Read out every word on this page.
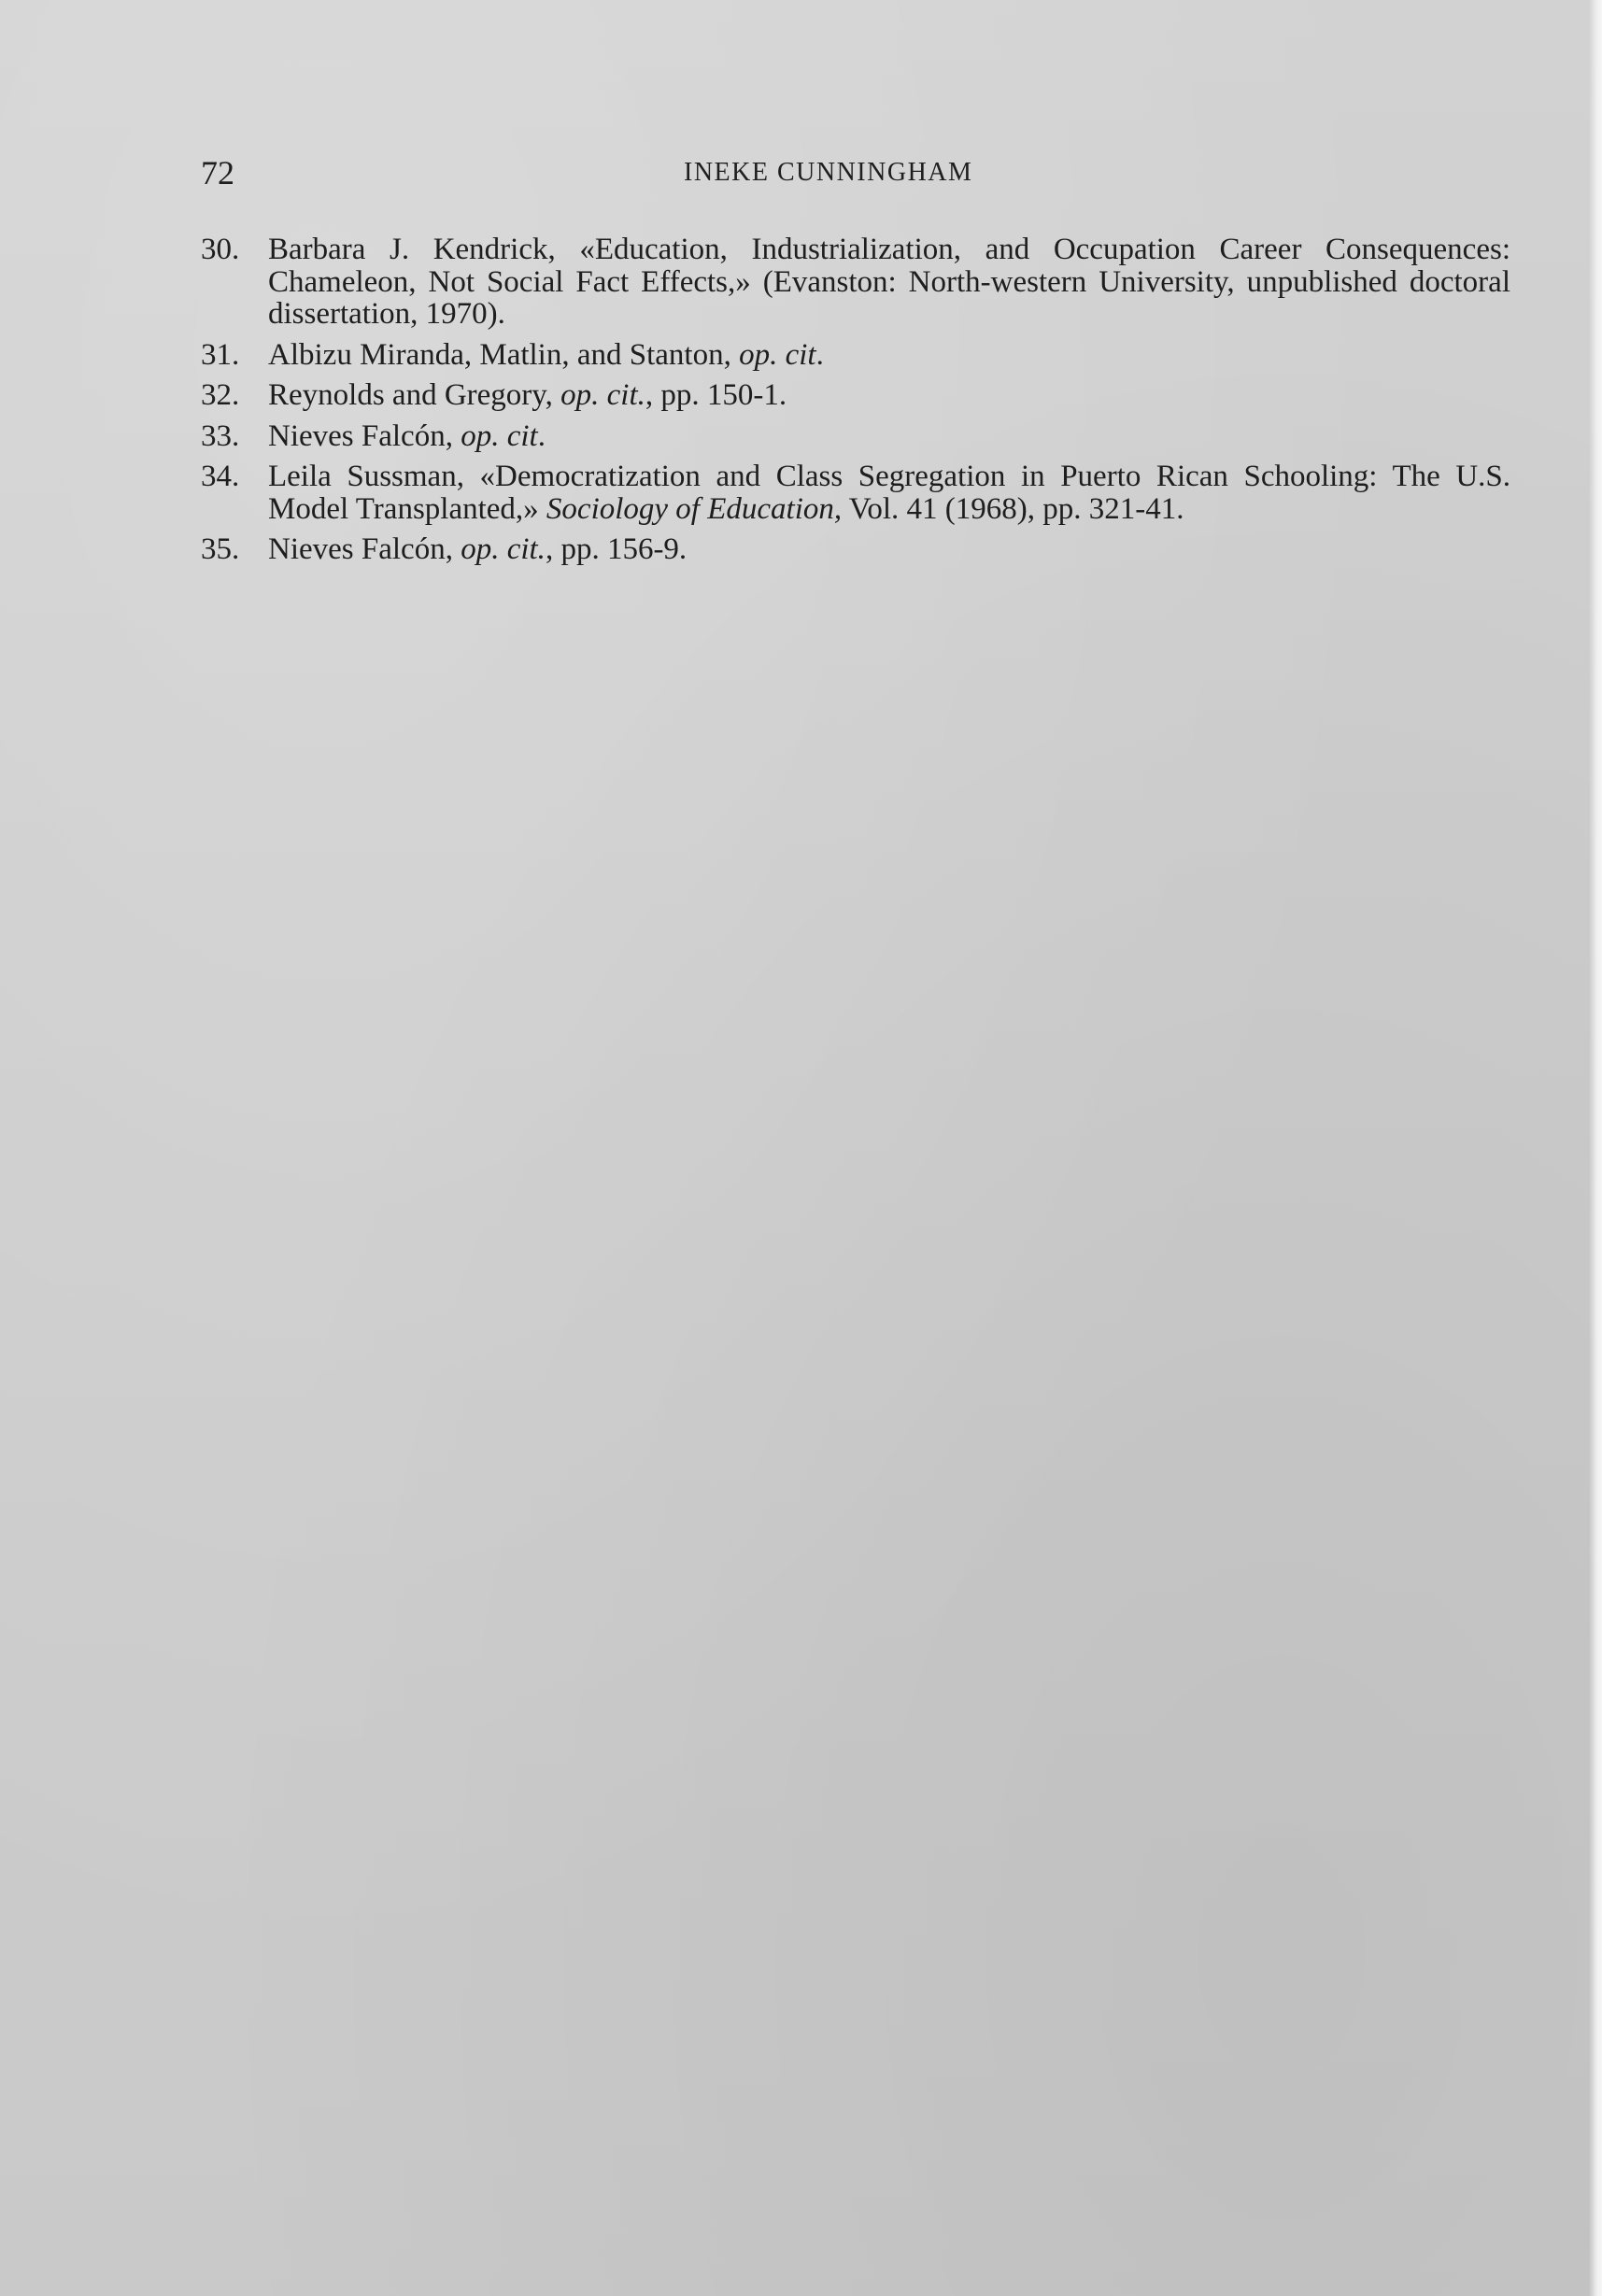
72	INEKE CUNNINGHAM
30. Barbara J. Kendrick, «Education, Industrialization, and Occupation Career Consequences: Chameleon, Not Social Fact Effects,» (Evanston: North-western University, unpublished doctoral dissertation, 1970).
31. Albizu Miranda, Matlin, and Stanton, op. cit.
32. Reynolds and Gregory, op. cit., pp. 150-1.
33. Nieves Falcón, op. cit.
34. Leila Sussman, «Democratization and Class Segregation in Puerto Rican Schooling: The U.S. Model Transplanted,» Sociology of Education, Vol. 41 (1968), pp. 321-41.
35. Nieves Falcón, op. cit., pp. 156-9.
